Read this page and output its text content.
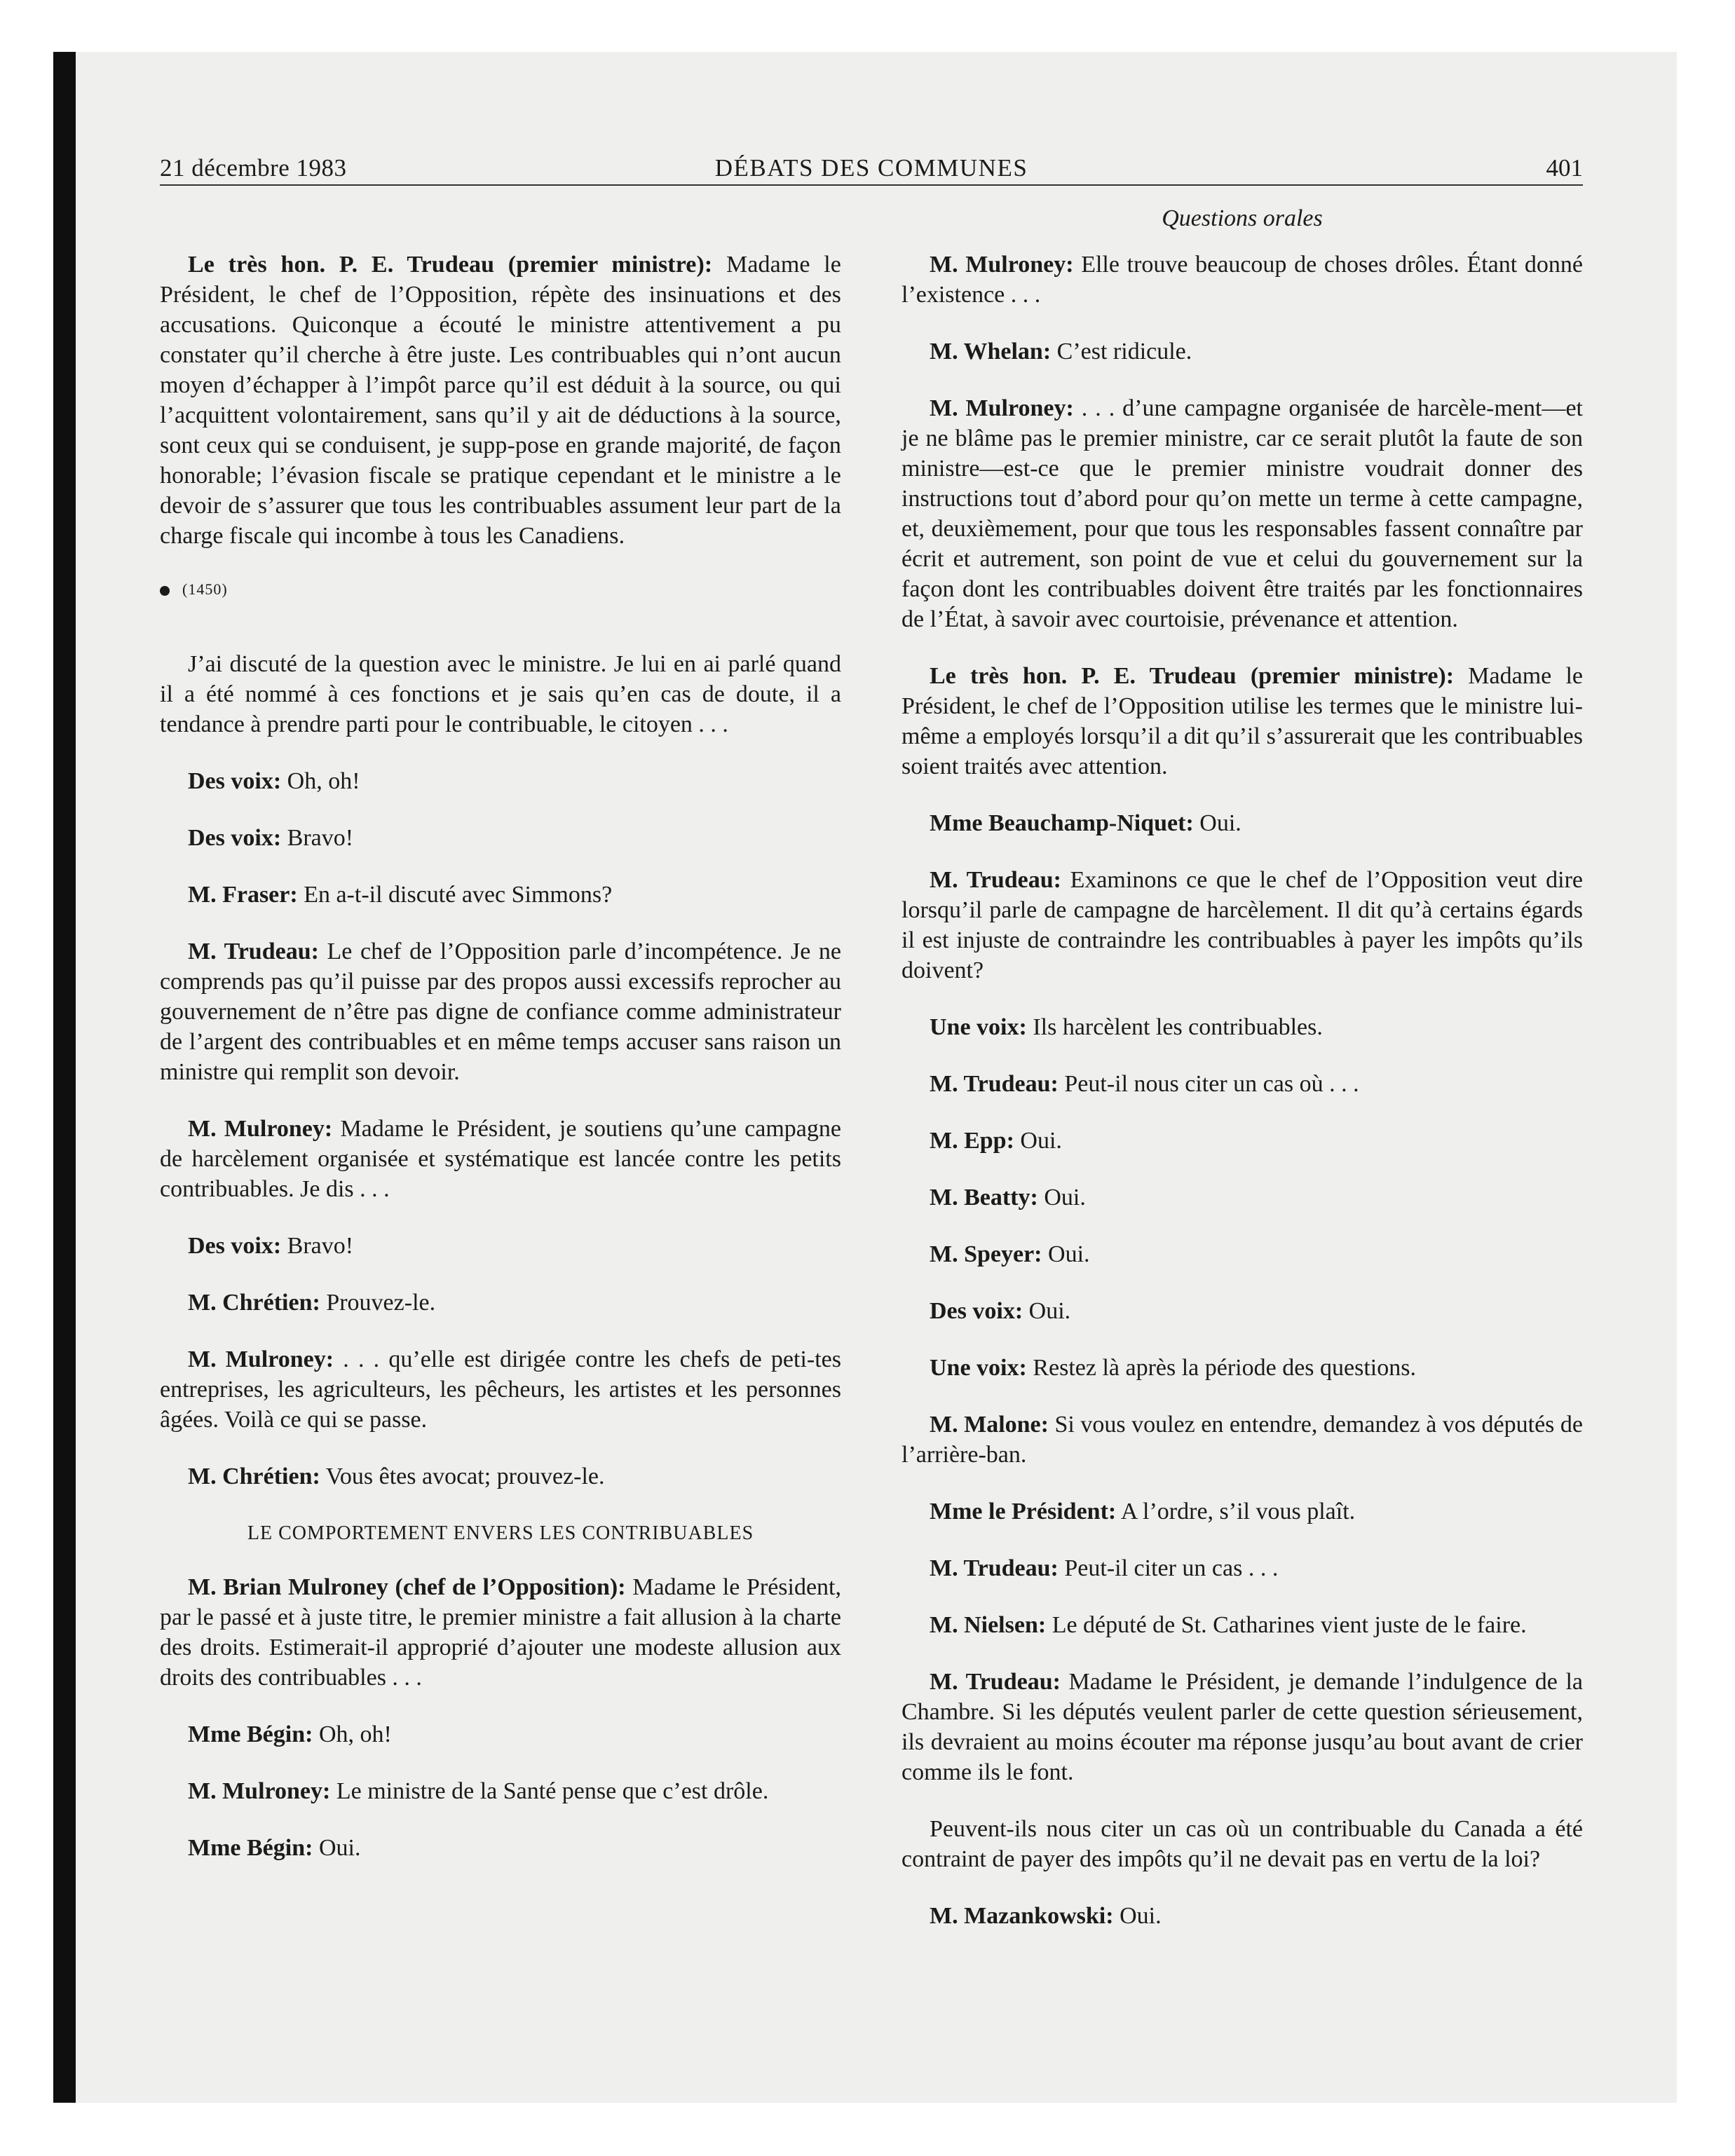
21 décembre 1983	DÉBATS DES COMMUNES	401
Questions orales

Le très hon. P. E. Trudeau (premier ministre): Madame le Président, le chef de l’Opposition, répète des insinuations et des accusations. Quiconque a écouté le ministre attentivement a pu constater qu’il cherche à être juste. Les contribuables qui n’ont aucun moyen d’échapper à l’impôt parce qu’il est déduit à la source, ou qui l’acquittent volontairement, sans qu’il y ait de déductions à la source, sont ceux qui se conduisent, je supp-pose en grande majorité, de façon honorable; l’évasion fiscale se pratique cependant et le ministre a le devoir de s’assurer que tous les contribuables assument leur part de la charge fiscale qui incombe à tous les Canadiens.

(1450)

J’ai discuté de la question avec le ministre. Je lui en ai parlé quand il a été nommé à ces fonctions et je sais qu’en cas de doute, il a tendance à prendre parti pour le contribuable, le citoyen . . .

Des voix: Oh, oh!

Des voix: Bravo!

M. Fraser: En a-t-il discuté avec Simmons?

M. Trudeau: Le chef de l’Opposition parle d’incompétence. Je ne comprends pas qu’il puisse par des propos aussi excessifs reprocher au gouvernement de n’être pas digne de confiance comme administrateur de l’argent des contribuables et en même temps accuser sans raison un ministre qui remplit son devoir.

M. Mulroney: Madame le Président, je soutiens qu’une campagne de harcèlement organisée et systématique est lancée contre les petits contribuables. Je dis . . .

Des voix: Bravo!

M. Chrétien: Prouvez-le.

M. Mulroney: . . . qu’elle est dirigée contre les chefs de peti-tes entreprises, les agriculteurs, les pêcheurs, les artistes et les personnes âgées. Voilà ce qui se passe.

M. Chrétien: Vous êtes avocat; prouvez-le.

LE COMPORTEMENT ENVERS LES CONTRIBUABLES

M. Brian Mulroney (chef de l’Opposition): Madame le Président, par le passé et à juste titre, le premier ministre a fait allusion à la charte des droits. Estimerait-il approprié d’ajouter une modeste allusion aux droits des contribuables . . .

Mme Bégin: Oh, oh!

M. Mulroney: Le ministre de la Santé pense que c’est drôle.

Mme Bégin: Oui.

M. Mulroney: Elle trouve beaucoup de choses drôles. Étant donné l’existence . . .

M. Whelan: C’est ridicule.

M. Mulroney: . . . d’une campagne organisée de harcèle-ment—et je ne blâme pas le premier ministre, car ce serait plutôt la faute de son ministre—est-ce que le premier ministre voudrait donner des instructions tout d’abord pour qu’on mette un terme à cette campagne, et, deuxièmement, pour que tous les responsables fassent connaître par écrit et autrement, son point de vue et celui du gouvernement sur la façon dont les contribuables doivent être traités par les fonctionnaires de l’État, à savoir avec courtoisie, prévenance et attention.

Le très hon. P. E. Trudeau (premier ministre): Madame le Président, le chef de l’Opposition utilise les termes que le ministre lui-même a employés lorsqu’il a dit qu’il s’assurerait que les contribuables soient traités avec attention.

Mme Beauchamp-Niquet: Oui.

M. Trudeau: Examinons ce que le chef de l’Opposition veut dire lorsqu’il parle de campagne de harcèlement. Il dit qu’à certains égards il est injuste de contraindre les contribuables à payer les impôts qu’ils doivent?

Une voix: Ils harcèlent les contribuables.

M. Trudeau: Peut-il nous citer un cas où . . .

M. Epp: Oui.

M. Beatty: Oui.

M. Speyer: Oui.

Des voix: Oui.

Une voix: Restez là après la période des questions.

M. Malone: Si vous voulez en entendre, demandez à vos députés de l’arrière-ban.

Mme le Président: A l’ordre, s’il vous plaît.

M. Trudeau: Peut-il citer un cas . . .

M. Nielsen: Le député de St. Catharines vient juste de le faire.

M. Trudeau: Madame le Président, je demande l’indulgence de la Chambre. Si les députés veulent parler de cette question sérieusement, ils devraient au moins écouter ma réponse jusqu’au bout avant de crier comme ils le font.

Peuvent-ils nous citer un cas où un contribuable du Canada a été contraint de payer des impôts qu’il ne devait pas en vertu de la loi?

M. Mazankowski: Oui.
